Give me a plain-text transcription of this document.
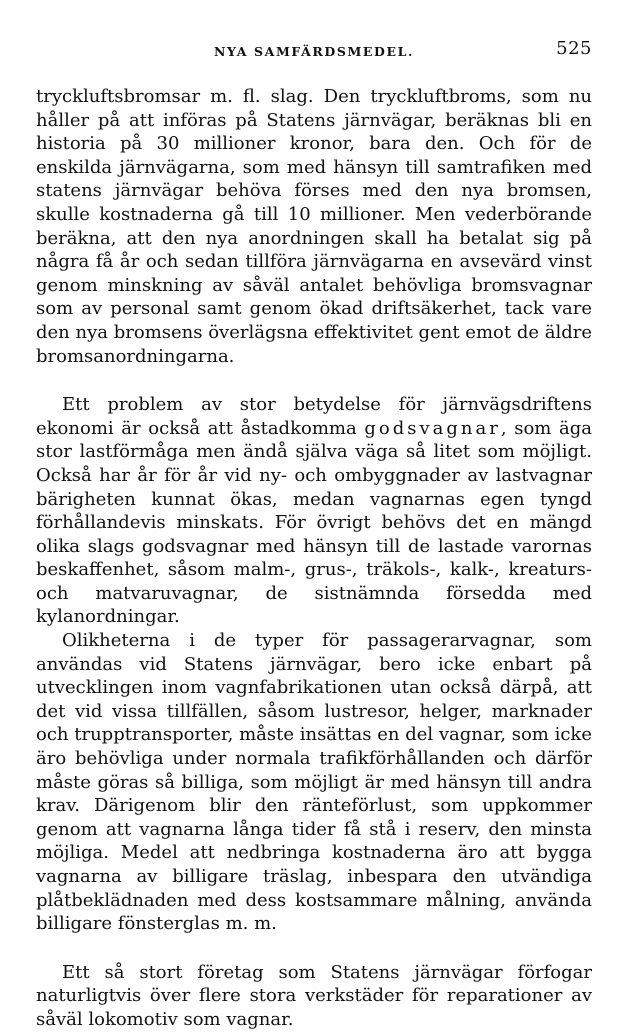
NYA SAMFÄRDSMEDEL.	525

tryckluftsbromsar m. fl. slag. Den tryckluftbroms, som nu håller på att införas på Statens järnvägar, beräknas bli en historia på 30 millioner kronor, bara den. Och för de enskilda järnvägarna, som med hänsyn till samtrafiken med statens järnvägar behöva förses med den nya bromsen, skulle kostnaderna gå till 10 millioner. Men vederbörande beräkna, att den nya anordningen skall ha betalat sig på några få år och sedan tillföra järnvägarna en avsevärd vinst genom minskning av såväl antalet behövliga bromsvagnar som av personal samt genom ökad driftsäkerhet, tack vare den nya bromsens överlägsna effektivitet gent emot de äldre bromsanordningarna.

Ett problem av stor betydelse för järnvägsdriftens ekonomi är också att åstadkomma godsvagnar, som äga stor lastförmåga men ändå själva väga så litet som möjligt. Också har år för år vid ny- och ombyggnader av lastvagnar bärigheten kunnat ökas, medan vagnarnas egen tyngd förhållandevis minskats. För övrigt behövs det en mängd olika slags godsvagnar med hänsyn till de lastade varornas beskaffenhet, såsom malm-, grus-, träkols-, kalk-, kreaturs- och matvaruvagnar, de sistnämnda försedda med kylanordningar.

Olikheterna i de typer för passagerarvagnar, som användas vid Statens järnvägar, bero icke enbart på utvecklingen inom vagnfabrikationen utan också därpå, att det vid vissa tillfällen, såsom lustresor, helger, marknader och trupptransporter, måste insättas en del vagnar, som icke äro behövliga under normala trafikförhållanden och därför måste göras så billiga, som möjligt är med hänsyn till andra krav. Därigenom blir den ränteförlust, som uppkommer genom att vagnarna långa tider få stå i reserv, den minsta möjliga. Medel att nedbringa kostnaderna äro att bygga vagnarna av billigare träslag, inbespara den utvändiga plåtbeklädnaden med dess kostsammare målning, använda billigare fönsterglas m. m.

Ett så stort företag som Statens järnvägar förfogar naturligtvis över flere stora verkstäder för reparationer av såväl lokomotiv som vagnar.
